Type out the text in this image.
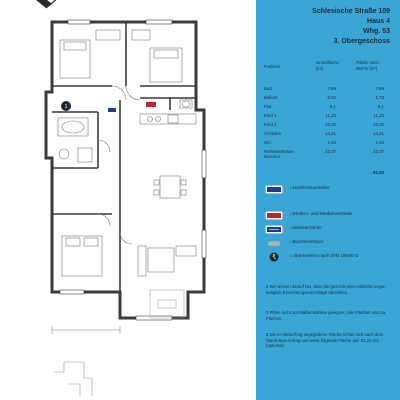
1
Schlesische Straße 109
Haus 4
Whg. 53
3. Obergeschoss
Funktion
Grundfläche
[m²]
Fläche nach
WoFlV [m²]
Bad	7,69	7,69
Balkon	6,92	1,73
Flur	9,1	9,1
Kind 1	11,23	11,23
Kind 2	12,02	12,02
Schlafen	14,41	14,41
WC	2,45	2,45
Wohnen/Essen
/Küchen
32,37	32,37
91,00
=Heizkreisverteiler
=Elektro- und Medienverteiler
=Wasserzähler
=Bucheizkörper
= Barrierefrei nach DIN 18040-2
1 Wir weisen darauf hin, dass die gezeichneten Möbelierungen lediglich Einrichtungsvorschläge darstellen.
2 Pläne nicht zur Maßentnahme geeignet. Alle Flächen sind ca. Flächen.
3 Die im Mieterfrag angegebene Fläche richtet sich nach dem Stand Bau-Antrag und weist folgende Fläche auf: 91,24 m2 (optional)
